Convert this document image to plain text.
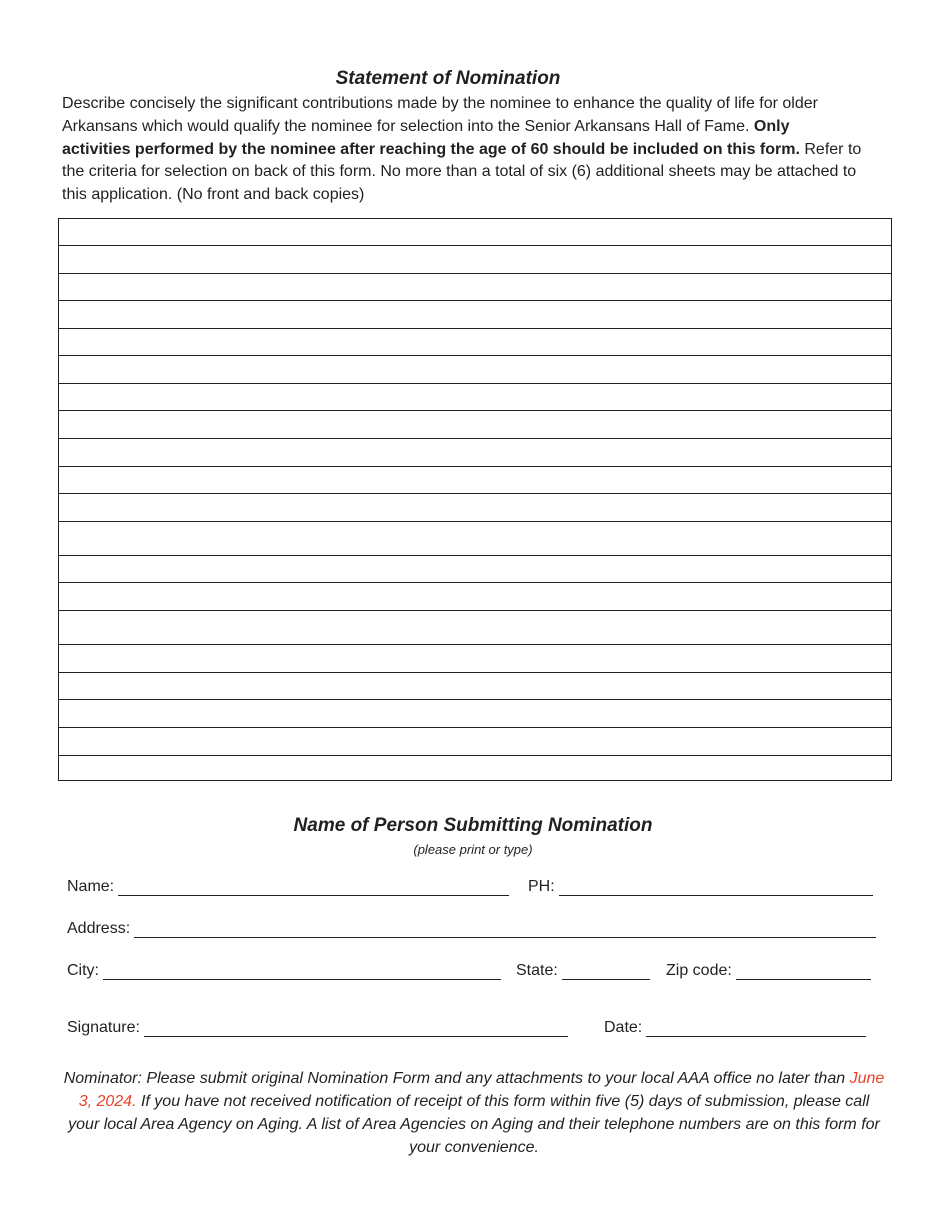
Statement of Nomination
Describe concisely the significant contributions made by the nominee to enhance the quality of life for older Arkansans which would qualify the nominee for selection into the Senior Arkansans Hall of Fame. Only activities performed by the nominee after reaching the age of 60 should be included on this form. Refer to the criteria for selection on back of this form. No more than a total of six (6) additional sheets may be attached to this application. (No front and back copies)
Name of Person Submitting Nomination
(please print or type)
Name:	PH:
Address:
City:	State:	Zip code:
Signature:	Date:
Nominator: Please submit original Nomination Form and any attachments to your local AAA office no later than June 3, 2024. If you have not received notification of receipt of this form within five (5) days of submission, please call your local Area Agency on Aging. A list of Area Agencies on Aging and their telephone numbers are on this form for your convenience.
